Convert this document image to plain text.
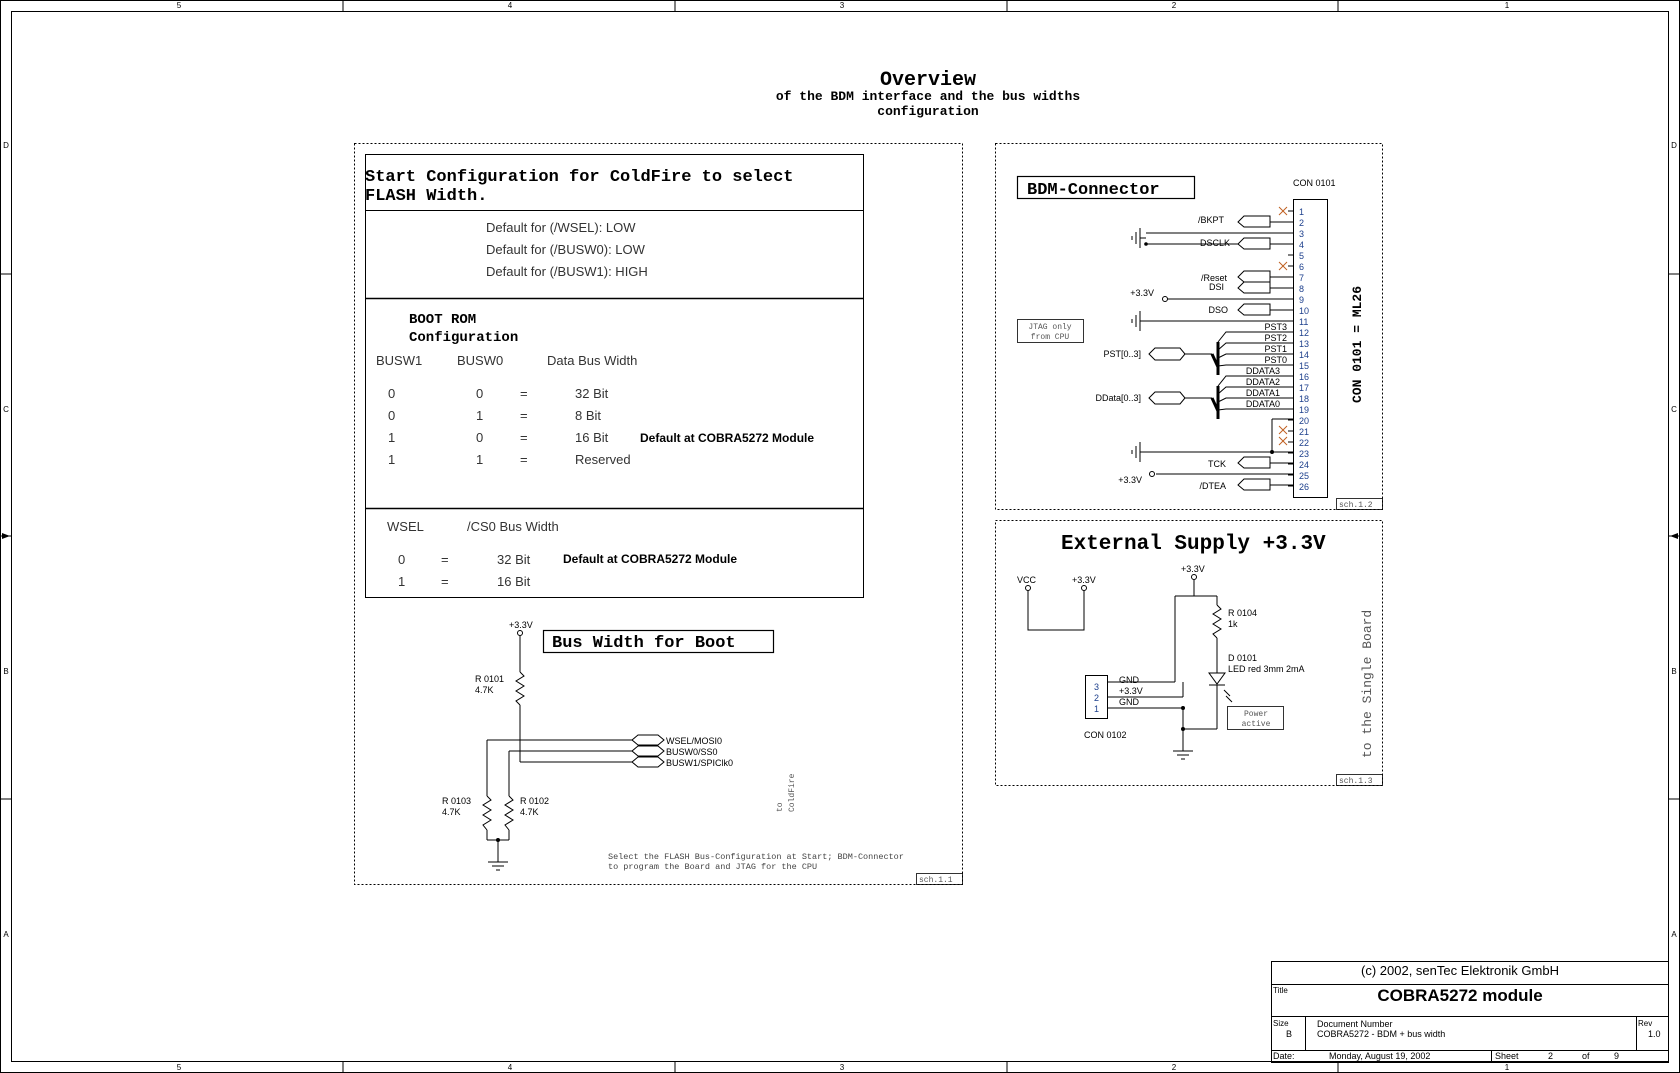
5	4	3	2	1
5	4	3	2	1
D
C
B
A
D
C
B
A
Overview
of the BDM interface and the bus widths
configuration
Start Configuration for ColdFire to select
FLASH Width.
Default for (/WSEL): LOW
Default for (/BUSW0): LOW
Default for (/BUSW1): HIGH
BOOT ROM
Configuration
BUSW1	BUSW0	Data Bus Width
0	0	=	32 Bit
0	1	=	8 Bit
1	0	=	16 Bit
1	1	=	Reserved
Default at COBRA5272 Module
WSEL	/CS0 Bus Width
0	=	32 Bit
1	=	16 Bit
Default at COBRA5272 Module
Bus Width for Boot
+3.3V
R 0101
4.7K
R 0103
4.7K
R 0102
4.7K
WSEL/MOSI0
BUSW0/SS0
BUSW1/SPIClk0
to ColdFire
Select the FLASH Bus-Configuration at Start; BDM-Connector
to program the Board and JTAG for the CPU
sch.1.1
BDM-Connector	CON 0101
CON 0101 = ML26
1
2
3
4
5
6
7
8
9
10
11
12
13
14
15
16
17
18
19
20
21
22
23
24
25
26
/BKPT
DSCLK
/Reset
DSI
+3.3V
DSO
PST[0..3]
DData[0..3]
TCK
+3.3V
/DTEA
PST3
PST2
PST1
PST0
DDATA3
DDATA2
DDATA1
DDATA0
JTAG only
from CPU
sch.1.2
External Supply +3.3V
VCC	+3.3V
+3.3V
R 0104
1k
D 0101
LED red 3mm 2mA
3
2
1
GND
+3.3V
GND
CON 0102
Power
active	to the Single Board
sch.1.3
(c) 2002, senTec Elektronik GmbH
Title	COBRA5272 module
Size
B
Document Number
COBRA5272 - BDM + bus width
Rev
1.0
Date:	Monday, August 19, 2002	Sheet	2	of	9
